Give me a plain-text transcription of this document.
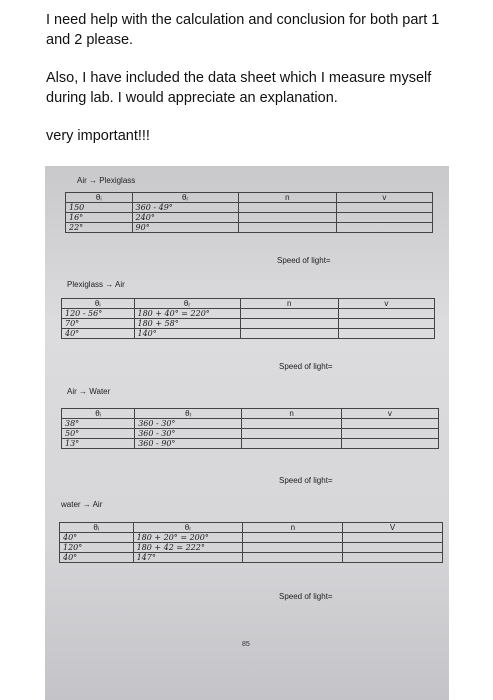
I need help with the calculation and conclusion for both part 1 and 2 please.

Also, I have included the data sheet which I measure myself during lab. I would appreciate an explanation.

very important!!!

Air → Plexiglass
θᵢ	θᵣ	n	v
150	360 - 49°		
16°	240°		
22°	90°		
Speed of light=
Plexiglass → Air
θᵢ	θᵣ	n	v
120 - 56°	180 + 40° = 220°		
70°	180 + 58°		
40°	140°		
Speed of light=
Air → Water
θᵢ	θᵣ	n	v
38°	360 - 30°		
50°	360 - 30°		
13°	360 - 90°		
Speed of light=
water → Air
θᵢ	θᵣ	n	V
40°	180 + 20° = 200°		
120°	180 + 42 = 222°		
40°	147°		
Speed of light=
85
